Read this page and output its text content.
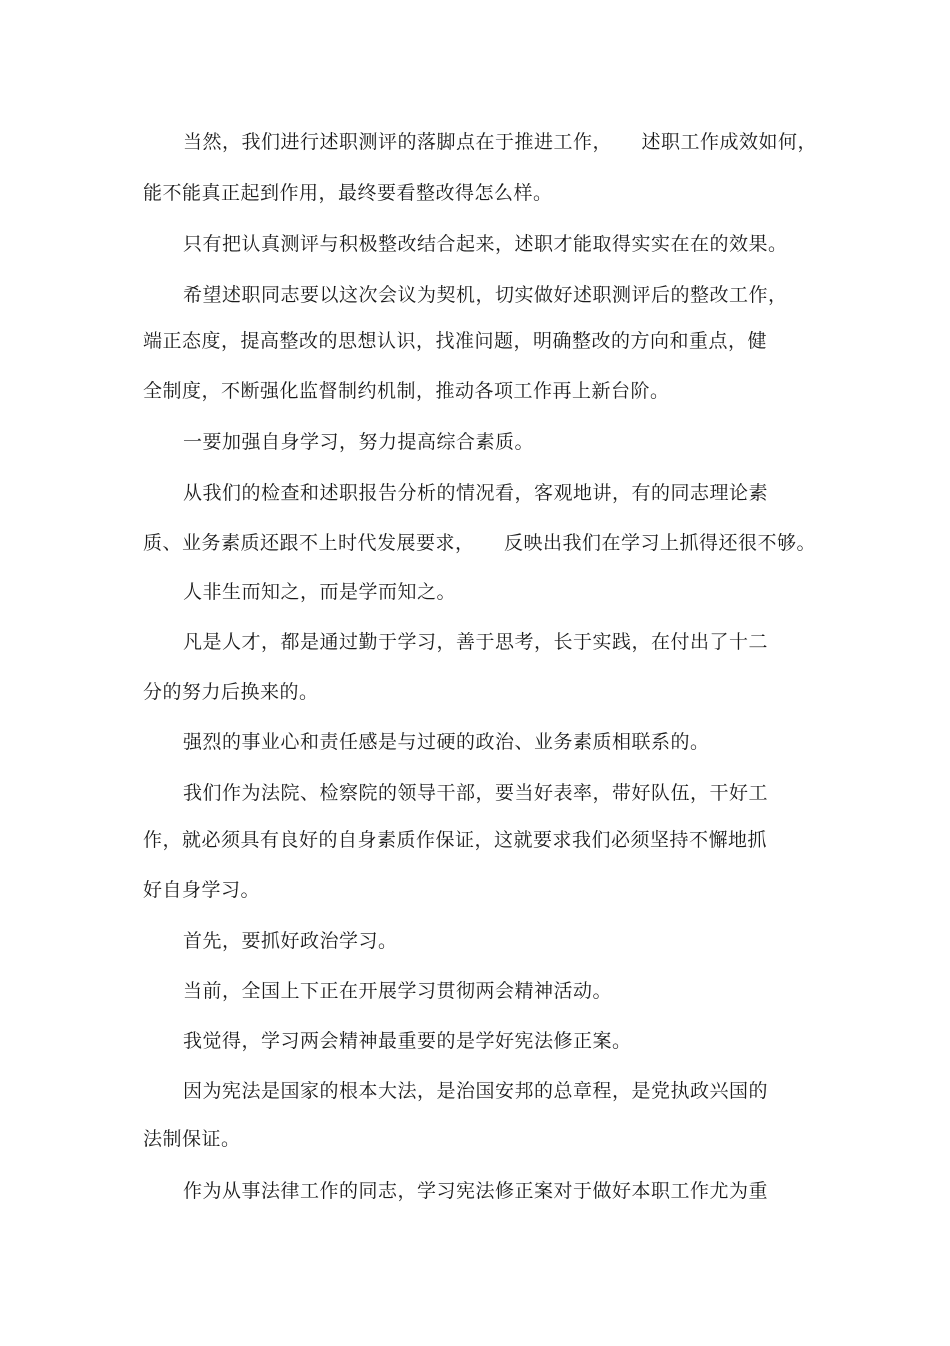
当然，我们进行述职测评的落脚点在于推进工作，　　述职工作成效如何，
能不能真正起到作用，最终要看整改得怎么样。
只有把认真测评与积极整改结合起来，述职才能取得实实在在的效果。
希望述职同志要以这次会议为契机，切实做好述职测评后的整改工作，
端正态度，提高整改的思想认识，找准问题，明确整改的方向和重点，健
全制度，不断强化监督制约机制，推动各项工作再上新台阶。
一要加强自身学习，努力提高综合素质。
从我们的检查和述职报告分析的情况看，客观地讲，有的同志理论素
质、业务素质还跟不上时代发展要求，　　反映出我们在学习上抓得还很不够。
人非生而知之，而是学而知之。
凡是人才，都是通过勤于学习，善于思考，长于实践，在付出了十二
分的努力后换来的。
强烈的事业心和责任感是与过硬的政治、业务素质相联系的。
我们作为法院、检察院的领导干部，要当好表率，带好队伍，干好工
作，就必须具有良好的自身素质作保证，这就要求我们必须坚持不懈地抓
好自身学习。
首先，要抓好政治学习。
当前，全国上下正在开展学习贯彻两会精神活动。
我觉得，学习两会精神最重要的是学好宪法修正案。
因为宪法是国家的根本大法，是治国安邦的总章程，是党执政兴国的
法制保证。
作为从事法律工作的同志，学习宪法修正案对于做好本职工作尤为重
